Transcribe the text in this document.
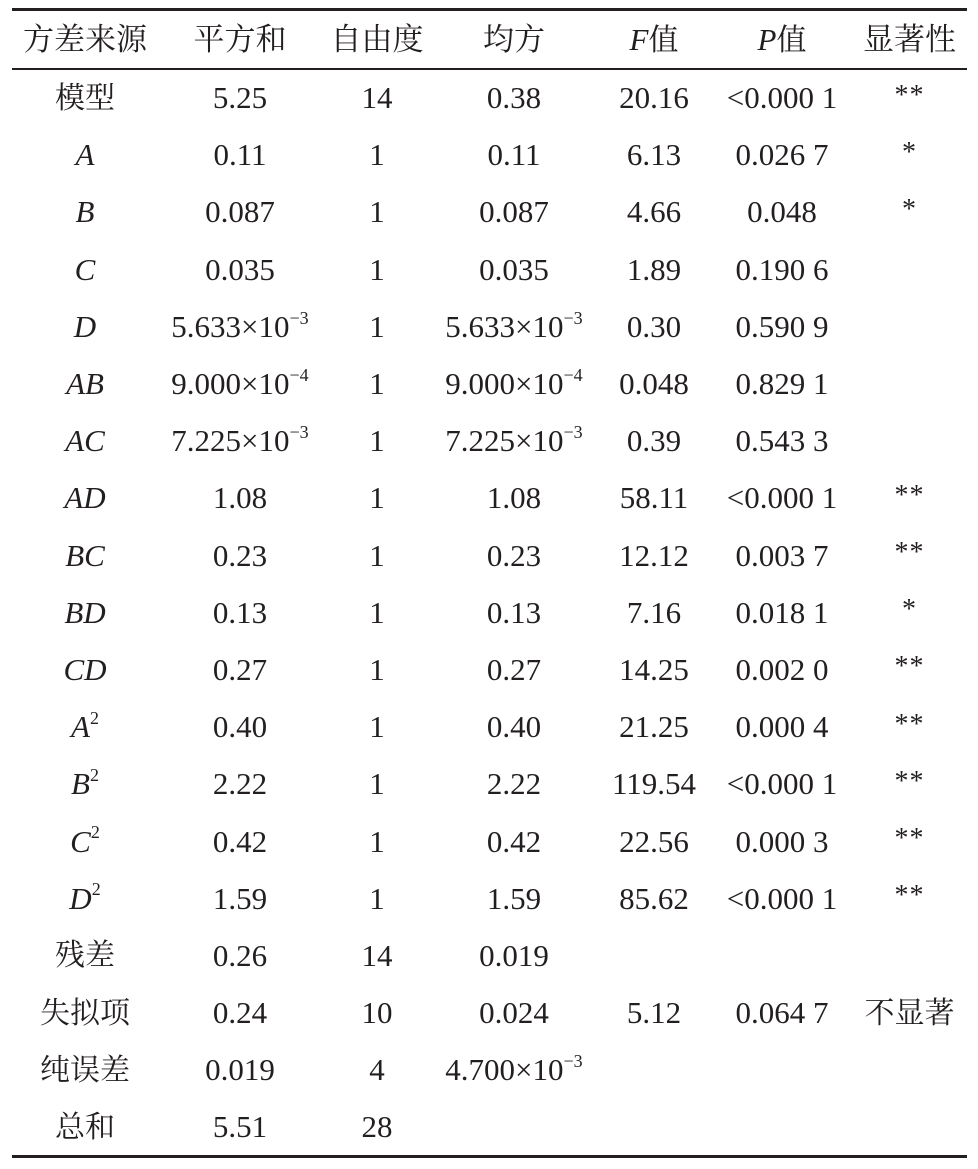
方差来源	平方和	自由度	均方	F值	P值	显著性
模型	5.25	14	0.38	20.16	<0.000 1	**
A	0.11	1	0.11	6.13	0.026 7	*
B	0.087	1	0.087	4.66	0.048	*
C	0.035	1	0.035	1.89	0.190 6	
D	$5.633\times 10^{-3}$	1	$5.633\times 10^{-3}$	0.30	0.590 9	
AB	$9.000\times 10^{-4}$	1	$9.000\times 10^{-4}$	0.048	0.829 1	
AC	$7.225\times 10^{-3}$	1	$7.225\times 10^{-3}$	0.39	0.543 3	
AD	1.08	1	1.08	58.11	<0.000 1	**
BC	0.23	1	0.23	12.12	0.003 7	**
BD	0.13	1	0.13	7.16	0.018 1	*
CD	0.27	1	0.27	14.25	0.002 0	**
$A^2$	0.40	1	0.40	21.25	0.000 4	**
$B^2$	2.22	1	2.22	119.54	<0.000 1	**
$C^2$	0.42	1	0.42	22.56	0.000 3	**
$D^2$	1.59	1	1.59	85.62	<0.000 1	**
残差	0.26	14	0.019			
失拟项	0.24	10	0.024	5.12	0.064 7	不显著
纯误差	0.019	4	$4.700\times 10^{-3}$			
总和	5.51	28				
